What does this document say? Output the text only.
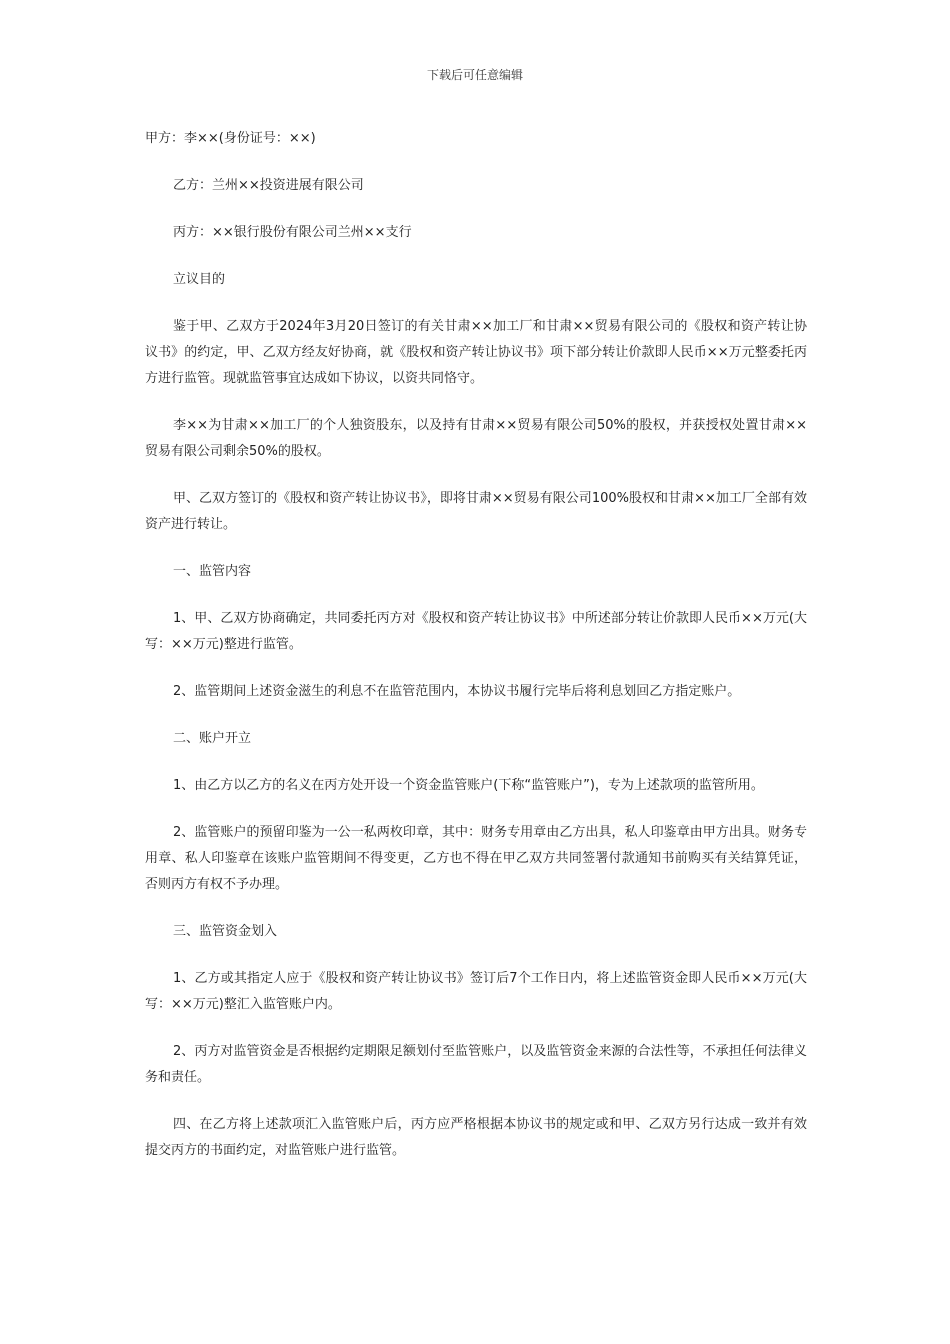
下载后可任意编辑

甲方：李××(身份证号：××)

乙方：兰州××投资进展有限公司

丙方：××银行股份有限公司兰州××支行

立议目的

鉴于甲、乙双方于2024年3月20日签订的有关甘肃××加工厂和甘肃××贸易有限公司的《股权和资产转让协议书》的约定，甲、乙双方经友好协商，就《股权和资产转让协议书》项下部分转让价款即人民币××万元整委托丙方进行监管。现就监管事宜达成如下协议，以资共同恪守。

李××为甘肃××加工厂的个人独资股东，以及持有甘肃××贸易有限公司50%的股权，并获授权处置甘肃××贸易有限公司剩余50%的股权。

甲、乙双方签订的《股权和资产转让协议书》，即将甘肃××贸易有限公司100%股权和甘肃××加工厂全部有效资产进行转让。

一、监管内容

1、甲、乙双方协商确定，共同委托丙方对《股权和资产转让协议书》中所述部分转让价款即人民币××万元(大写：××万元)整进行监管。

2、监管期间上述资金滋生的利息不在监管范围内，本协议书履行完毕后将利息划回乙方指定账户。

二、账户开立

1、由乙方以乙方的名义在丙方处开设一个资金监管账户(下称“监管账户”)，专为上述款项的监管所用。

2、监管账户的预留印鉴为一公一私两枚印章，其中：财务专用章由乙方出具，私人印鉴章由甲方出具。财务专用章、私人印鉴章在该账户监管期间不得变更，乙方也不得在甲乙双方共同签署付款通知书前购买有关结算凭证，否则丙方有权不予办理。

三、监管资金划入

1、乙方或其指定人应于《股权和资产转让协议书》签订后7个工作日内，将上述监管资金即人民币××万元(大写：××万元)整汇入监管账户内。

2、丙方对监管资金是否根据约定期限足额划付至监管账户，以及监管资金来源的合法性等，不承担任何法律义务和责任。

四、在乙方将上述款项汇入监管账户后，丙方应严格根据本协议书的规定或和甲、乙双方另行达成一致并有效提交丙方的书面约定，对监管账户进行监管。
